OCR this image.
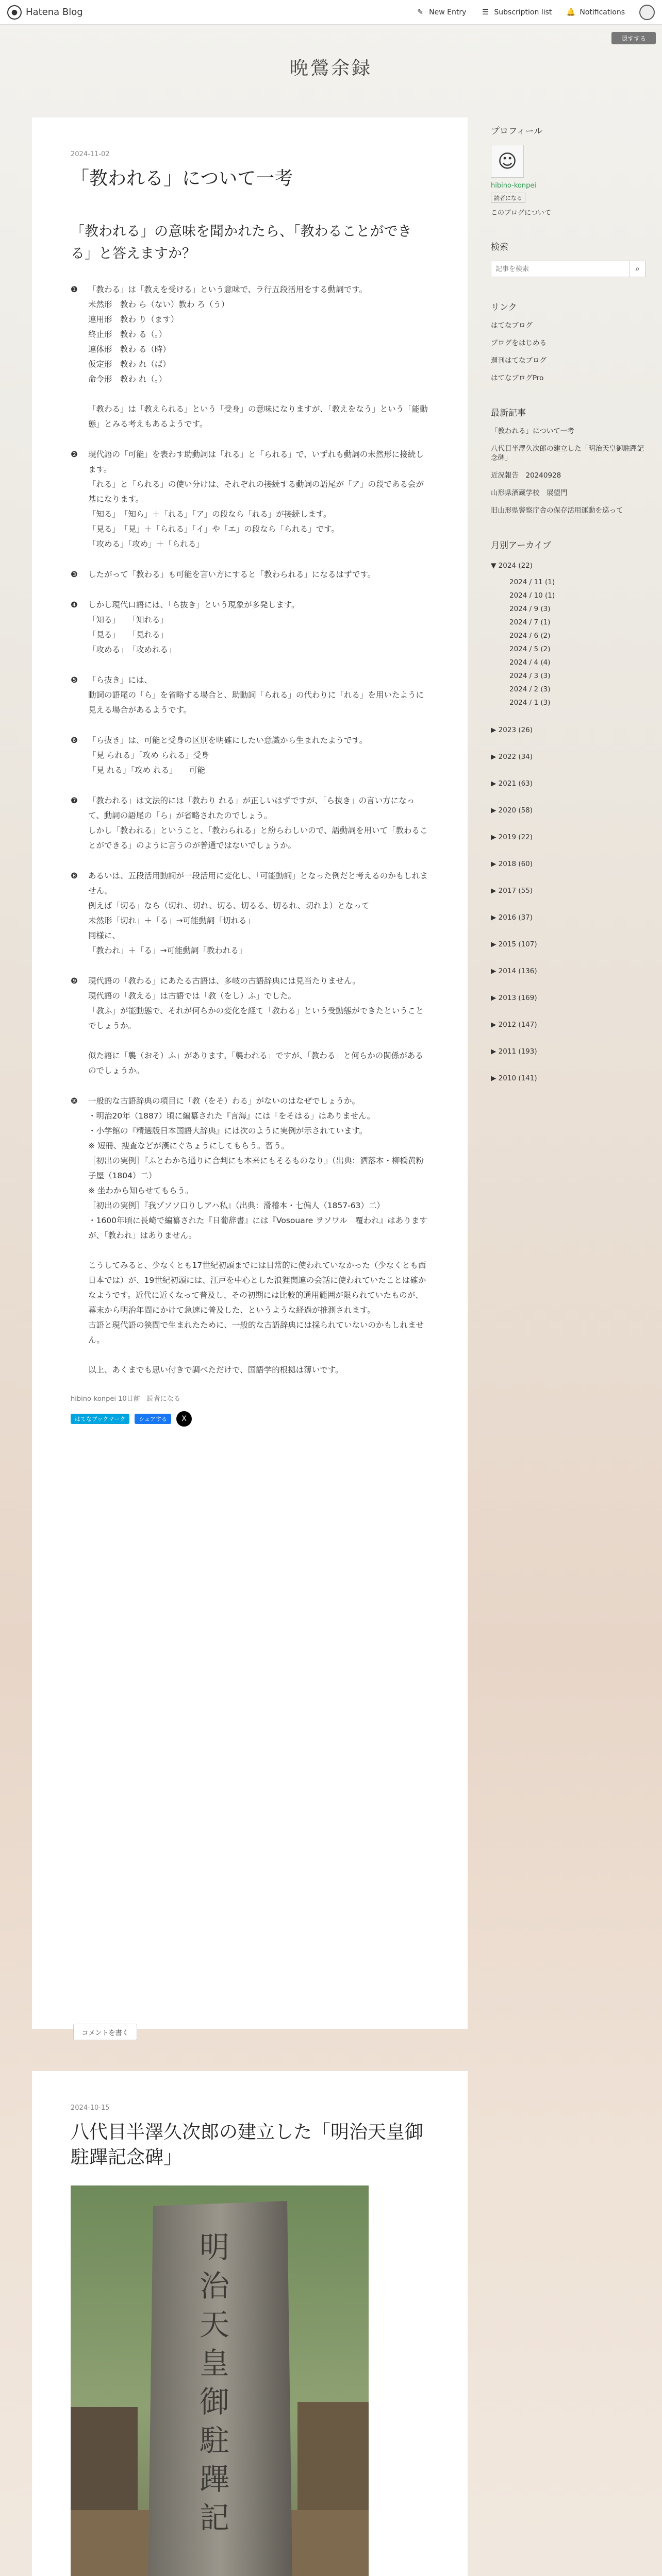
● Hatena Blog	✎ New Entry ☰ Subscription list 🔔 Notifications
隠すする
晩鶯余録
2024-11-02
「教われる」について一考

「教われる」の意味を聞かれたら、「教わることができる」と答えますか？

❶	「教わる」は「教えを受ける」という意味で、ラ行五段活用をする動詞です。
未然形　教わ ら（ない）教わ ろ（う）
連用形　教わ り（ます）
終止形　教わ る（。）
連体形　教わ る（時）
仮定形　教わ れ（ば）
命令形　教わ れ（。）

「教わる」は「教えられる」という「受身」の意味になりますが、「教えをなう」という「能動態」とみる考えもあるようです。
❷	現代語の「可能」を表わす助動詞は「れる」と「られる」で、いずれも動詞の未然形に接続します。
「れる」と「られる」の使い分けは、それぞれの接続する動詞の語尾が「ア」の段である会が基になります。
「知る」　「知ら」＋「れる」「ア」の段なら「れる」が接続します。
「見る」　「見」＋「られる」「イ」や「エ」の段なら「られる」です。
「攻める」「攻め」＋「られる」
❸	したがって「教わる」も可能を言い方にすると「教わられる」になるはずです。
❹	しかし現代口語には、「ら抜き」という現象が多発します。
「知る」　　「知れる」
「見る」　　「見れる」
「攻める」　「攻めれる」
❺	「ら抜き」には、
動詞の語尾の「ら」を省略する場合と、助動詞「られる」の代わりに「れる」を用いたように見える場合があるようです。
❻	「ら抜き」は、可能と受身の区別を明確にしたい意識から生まれたようです。
「見 られる」「攻め られる」受身
「見 れる」「攻め れる」　　可能
❼	「教われる」は文法的には「教わり れる」が正しいはずですが、「ら抜き」の言い方になって、動詞の語尾の「ら」が省略されたのでしょう。
しかし「教われる」ということ、「教わられる」と紛らわしいので、語動詞を用いて「教わることができる」のように言うのが普通ではないでしょうか。
❽	あるいは、五段活用動詞が一段活用に変化し、「可能動詞」となった例だと考えるのかもしれません。
例えば「切る」なら（切れ、切れ、切る、切るる、切るれ、切れよ）となって
未然形「切れ」＋「る」→可能動詞「切れる」
同様に、
「教われ」＋「る」→可能動詞「教われる」
❾	現代語の「教わる」にあたる古語は、多岐の古語辞典には見当たりません。
現代語の「教える」は古語では「教（をし）ふ」でした。
「教ふ」が能動態で、それが何らかの変化を経て「教わる」という受動態ができたということでしょうか。

似た語に「襲（おそ）ふ」があります。「襲われる」ですが、「教わる」と何らかの関係があるのでしょうか。
❿	一般的な古語辞典の項目に「教（をそ）わる」がないのはなぜでしょうか。
・明治20年（1887）頃に編纂された『言海』には「をそはる」はありません。
・小学館の『精選版日本国語大辞典』には次のように実例が示されています。
※ 短冊、捜査などが漢にぐちょうにしてもらう。習う。
［初出の実例］『ふとわかち通りに合判にも本来にもそるものなり』（出典：洒落本・柳橋黄粉子屋（1804）二）
※ 坐わから知らせてもらう。
［初出の実例］『我ゾソソ口りしアハ私』（出典：滑稽本・七偏人（1857-63）二）
・1600年頃に長崎で編纂された『日葡辞書』には『Vosouare ヲソワル　覆われ』はありますが、「教われ」はありません。

こうしてみると、少なくとも17世紀初頭までには日常的に使われていなかった（少なくとも西日本では）が、19世紀初頭には、江戸を中心とした浪狸関連の会話に使われていたことは確かなようです。近代に近くなって普及し、その初期には比較的通用範囲が限られていたものが、幕末から明治年間にかけて急速に普及した、というような経過が推測されます。
古語と現代語の狭間で生まれたために、一般的な古語辞典には採られていないのかもしれません。

以上、あくまでも思い付きで調べただけで、国語学的根拠は薄いです。
hibino-konpei 10日前　読者になる
はてなブックマーク	シェアする	X
コメントを書く
2024-10-15
八代目半澤久次郎の建立した「明治天皇御駐蹕記念碑」
明
治
天
皇
御
駐
蹕
記

プロフィール
☺
hibino-konpei
読者になる
このブログについて
検索
記事を検索
⌕
リンク
はてなブログ
ブログをはじめる
週刊はてなブログ
はてなブログPro
最新記事
「教われる」について一考
八代目半澤久次郎の建立した「明治天皇御駐蹕記念碑」
近況報告　20240928
山形県酒蔵学校　展望門
旧山形県警察庁舎の保存活用運動を巡って
月別アーカイブ
▼ 2024 (22)
2024 / 11 (1)
2024 / 10 (1)
2024 / 9 (3)
2024 / 7 (1)
2024 / 6 (2)
2024 / 5 (2)
2024 / 4 (4)
2024 / 3 (3)
2024 / 2 (3)
2024 / 1 (3)
▶ 2023 (26)
▶ 2022 (34)
▶ 2021 (63)
▶ 2020 (58)
▶ 2019 (22)
▶ 2018 (60)
▶ 2017 (55)
▶ 2016 (37)
▶ 2015 (107)
▶ 2014 (136)
▶ 2013 (169)
▶ 2012 (147)
▶ 2011 (193)
▶ 2010 (141)
